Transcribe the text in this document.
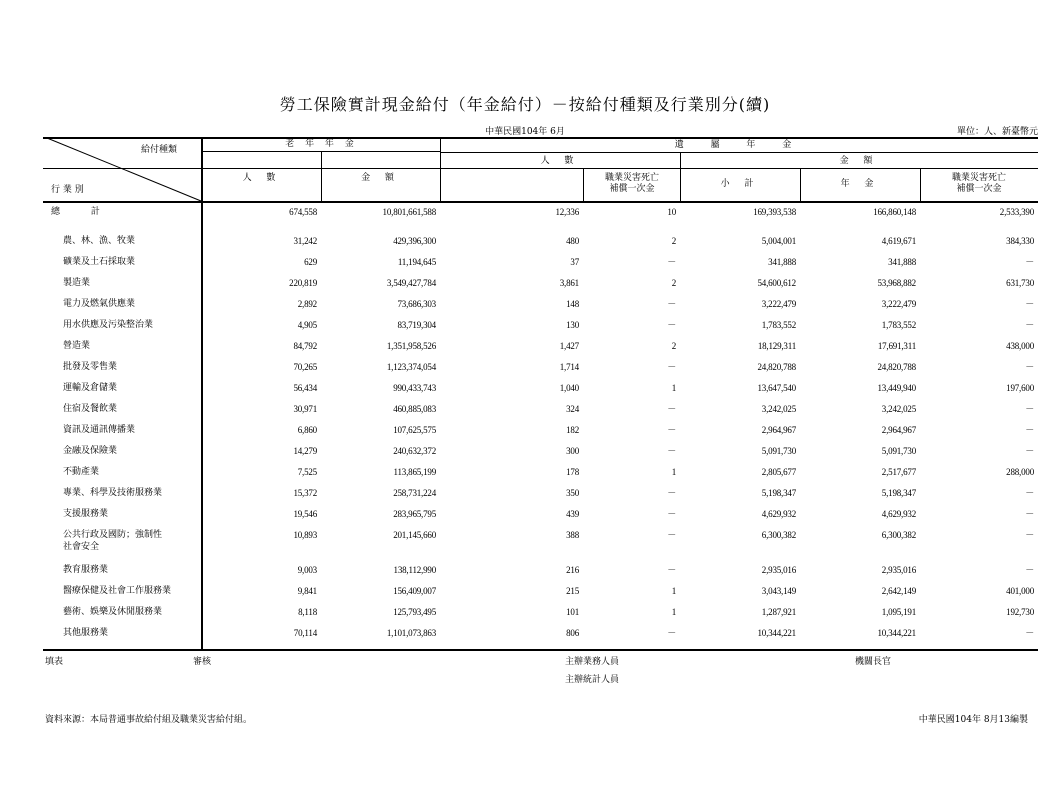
勞工保險實計現金給付（年金給付）－按給付種類及行業別分(續)
中華民國104年 6月	單位：人、新臺幣元
給付種類
行 業 別
老 年 年 金	遺 屬 年 金
人 數	金 額
人 數	金 額
職業災害死亡
補償一次金	小 計	年 金
職業災害死亡
補償一次金
總 計	674,558	10,801,661,588	12,336	10	169,393,538	166,860,148	2,533,390
農、林、漁、牧業	31,242	429,396,300	480	2	5,004,001	4,619,671	384,330
礦業及土石採取業	629	11,194,645	37	－	341,888	341,888	－
製造業	220,819	3,549,427,784	3,861	2	54,600,612	53,968,882	631,730
電力及燃氣供應業	2,892	73,686,303	148	－	3,222,479	3,222,479	－
用水供應及污染整治業	4,905	83,719,304	130	－	1,783,552	1,783,552	－
營造業	84,792	1,351,958,526	1,427	2	18,129,311	17,691,311	438,000
批發及零售業	70,265	1,123,374,054	1,714	－	24,820,788	24,820,788	－
運輸及倉儲業	56,434	990,433,743	1,040	1	13,647,540	13,449,940	197,600
住宿及餐飲業	30,971	460,885,083	324	－	3,242,025	3,242,025	－
資訊及通訊傳播業	6,860	107,625,575	182	－	2,964,967	2,964,967	－
金融及保險業	14,279	240,632,372	300	－	5,091,730	5,091,730	－
不動產業	7,525	113,865,199	178	1	2,805,677	2,517,677	288,000
專業、科學及技術服務業	15,372	258,731,224	350	－	5,198,347	5,198,347	－
支援服務業	19,546	283,965,795	439	－	4,629,932	4,629,932	－
公共行政及國防；強制性
社會安全
10,893	201,145,660	388	－	6,300,382	6,300,382	－
教育服務業	9,003	138,112,990	216	－	2,935,016	2,935,016	－
醫療保健及社會工作服務業	9,841	156,409,007	215	1	3,043,149	2,642,149	401,000
藝術、娛樂及休閒服務業	8,118	125,793,495	101	1	1,287,921	1,095,191	192,730
其他服務業	70,114	1,101,073,863	806	－	10,344,221	10,344,221	－
填表	審核	主辦業務人員
主辦統計人員
機關長官
資料來源：本局普通事故給付組及職業災害給付組。	中華民國104年 8月13編製
